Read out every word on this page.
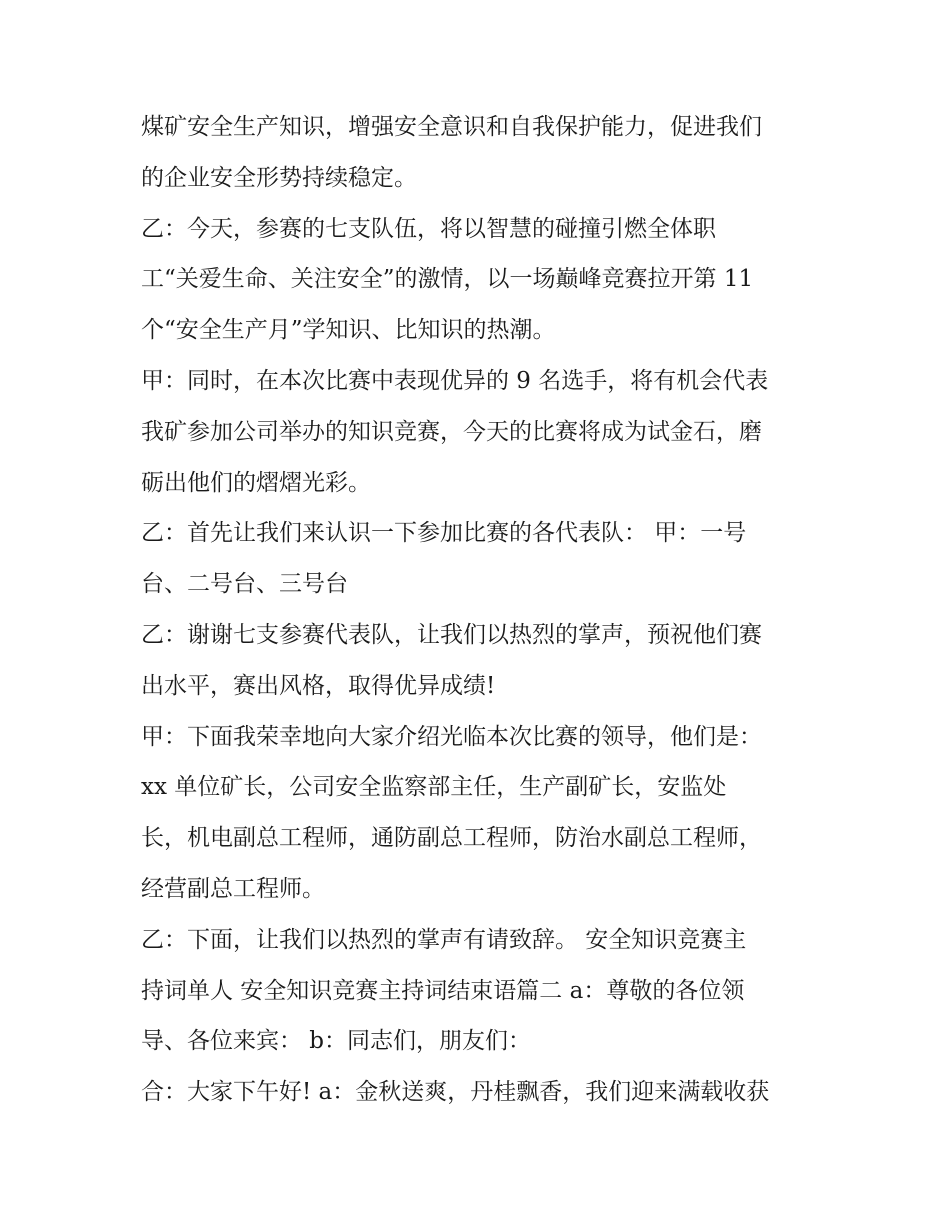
煤矿安全生产知识，增强安全意识和自我保护能力，促进我们
的企业安全形势持续稳定。
乙：今天，参赛的七支队伍，将以智慧的碰撞引燃全体职
工“关爱生命、关注安全”的激情，以一场巅峰竞赛拉开第 11
个“安全生产月”学知识、比知识的热潮。
甲：同时，在本次比赛中表现优异的 9 名选手，将有机会代表
我矿参加公司举办的知识竞赛，今天的比赛将成为试金石，磨
砺出他们的熠熠光彩。
乙：首先让我们来认识一下参加比赛的各代表队： 甲：一号
台、二号台、三号台
乙：谢谢七支参赛代表队，让我们以热烈的掌声，预祝他们赛
出水平，赛出风格，取得优异成绩!
甲：下面我荣幸地向大家介绍光临本次比赛的领导，他们是：
xx 单位矿长，公司安全监察部主任，生产副矿长，安监处
长，机电副总工程师，通防副总工程师，防治水副总工程师，
经营副总工程师。
乙：下面，让我们以热烈的掌声有请致辞。 安全知识竞赛主
持词单人 安全知识竞赛主持词结束语篇二 a：尊敬的各位领
导、各位来宾： b：同志们，朋友们：
合：大家下午好! a：金秋送爽，丹桂飘香，我们迎来满载收获
